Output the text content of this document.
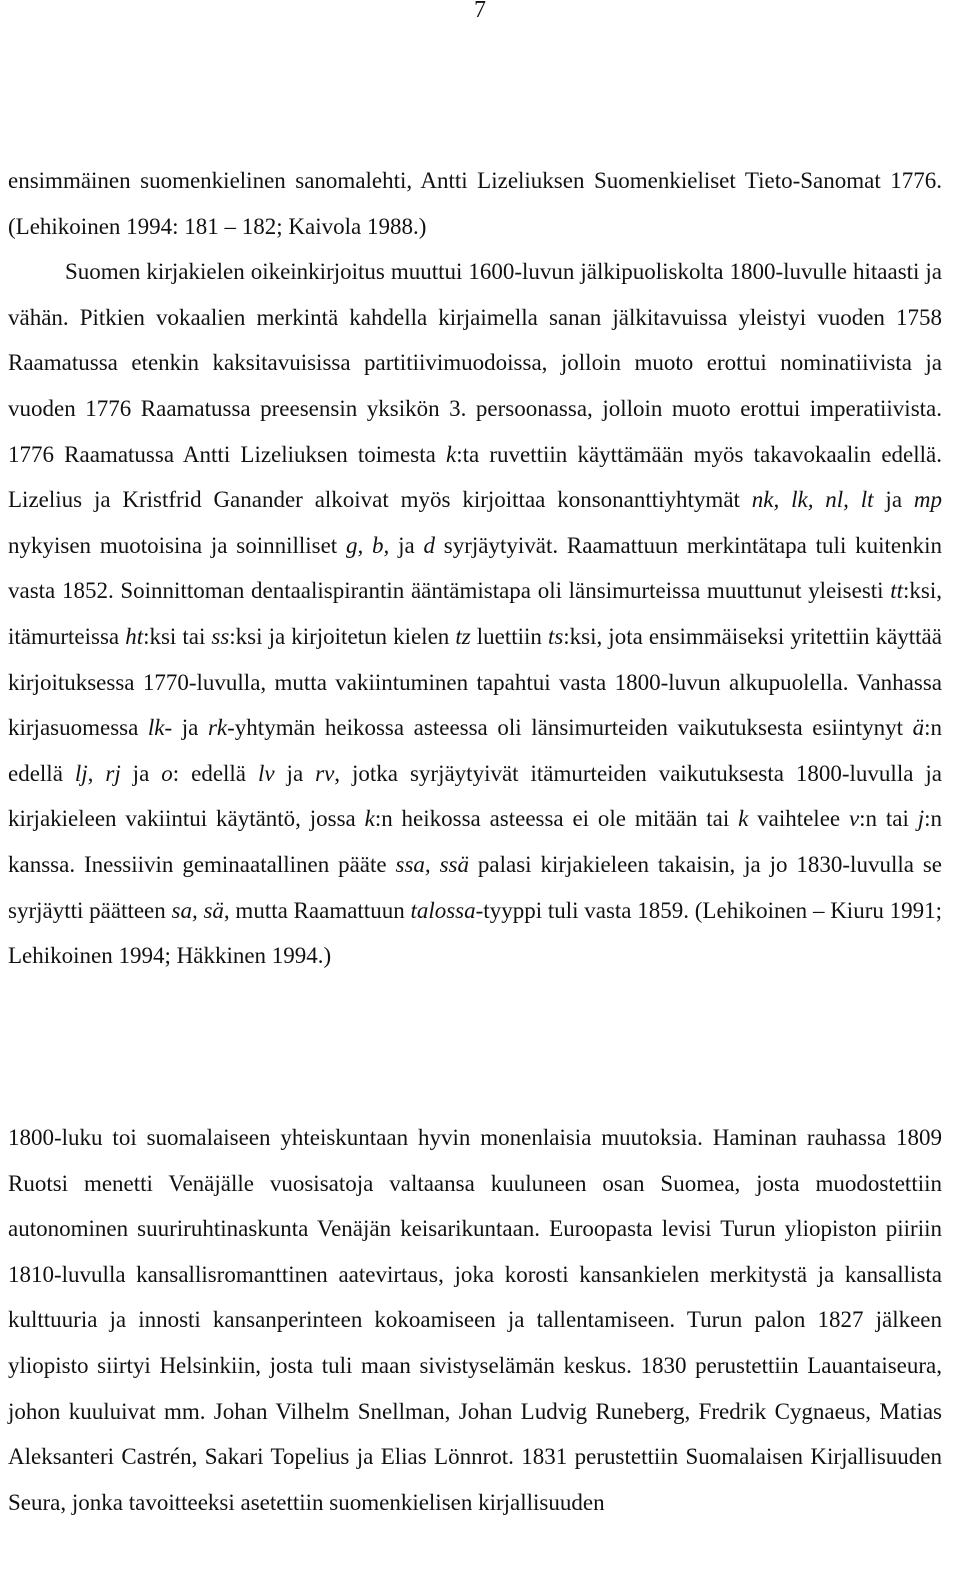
7

ensimmäinen suomenkielinen sanomalehti, Antti Lizeliuksen Suomenkieliset Tieto-Sanomat 1776. (Lehikoinen 1994: 181 – 182; Kaivola 1988.)

Suomen kirjakielen oikeinkirjoitus muuttui 1600-luvun jälkipuoliskolta 1800-luvulle hitaasti ja vähän. Pitkien vokaalien merkintä kahdella kirjaimella sanan jälkitavuissa yleistyi vuoden 1758 Raamatussa etenkin kaksitavuisissa partitiivimuodoissa, jolloin muoto erottui nominatiivista ja vuoden 1776 Raamatussa preesensin yksikön 3. persoonassa, jolloin muoto erottui imperatiivista. 1776 Raamatussa Antti Lizeliuksen toimesta k:ta ruvettiin käyttämään myös takavokaalin edellä. Lizelius ja Kristfrid Ganander alkoivat myös kirjoittaa konsonanttiyhtymät nk, lk, nl, lt ja mp nykyisen muotoisina ja soinnilliset g, b, ja d syrjäytyivät. Raamattuun merkintätapa tuli kuitenkin vasta 1852. Soinnittoman dentaalispirantin ääntämistapa oli länsimurteissa muuttunut yleisesti tt:ksi, itämurteissa ht:ksi tai ss:ksi ja kirjoitetun kielen tz luettiin ts:ksi, jota ensimmäiseksi yritettiin käyttää kirjoituksessa 1770-luvulla, mutta vakiintuminen tapahtui vasta 1800-luvun alkupuolella. Vanhassa kirjasuomessa lk- ja rk-yhtymän heikossa asteessa oli länsimurteiden vaikutuksesta esiintynyt ä:n edellä lj, rj ja o: edellä lv ja rv, jotka syrjäytyivät itämurteiden vaikutuksesta 1800-luvulla ja kirjakieleen vakiintui käytäntö, jossa k:n heikossa asteessa ei ole mitään tai k vaihtelee v:n tai j:n kanssa. Inessiivin geminaatallinen pääte ssa, ssä palasi kirjakieleen takaisin, ja jo 1830-luvulla se syrjäytti päätteen sa, sä, mutta Raamattuun talossa-tyyppi tuli vasta 1859. (Lehikoinen – Kiuru 1991; Lehikoinen 1994; Häkkinen 1994.)

1800-luku toi suomalaiseen yhteiskuntaan hyvin monenlaisia muutoksia. Haminan rauhassa 1809 Ruotsi menetti Venäjälle vuosisatoja valtaansa kuuluneen osan Suomea, josta muodostettiin autonominen suuriruhtinaskunta Venäjän keisarikuntaan. Euroopasta levisi Turun yliopiston piiriin 1810-luvulla kansallisromanttinen aatevirtaus, joka korosti kansankielen merkitystä ja kansallista kulttuuria ja innosti kansanperinteen kokoamiseen ja tallentamiseen. Turun palon 1827 jälkeen yliopisto siirtyi Helsinkiin, josta tuli maan sivistyselämän keskus. 1830 perustettiin Lauantaiseura, johon kuuluivat mm. Johan Vilhelm Snellman, Johan Ludvig Runeberg, Fredrik Cygnaeus, Matias Aleksanteri Castrén, Sakari Topelius ja Elias Lönnrot. 1831 perustettiin Suomalaisen Kirjallisuuden Seura, jonka tavoitteeksi asetettiin suomenkielisen kirjallisuuden
